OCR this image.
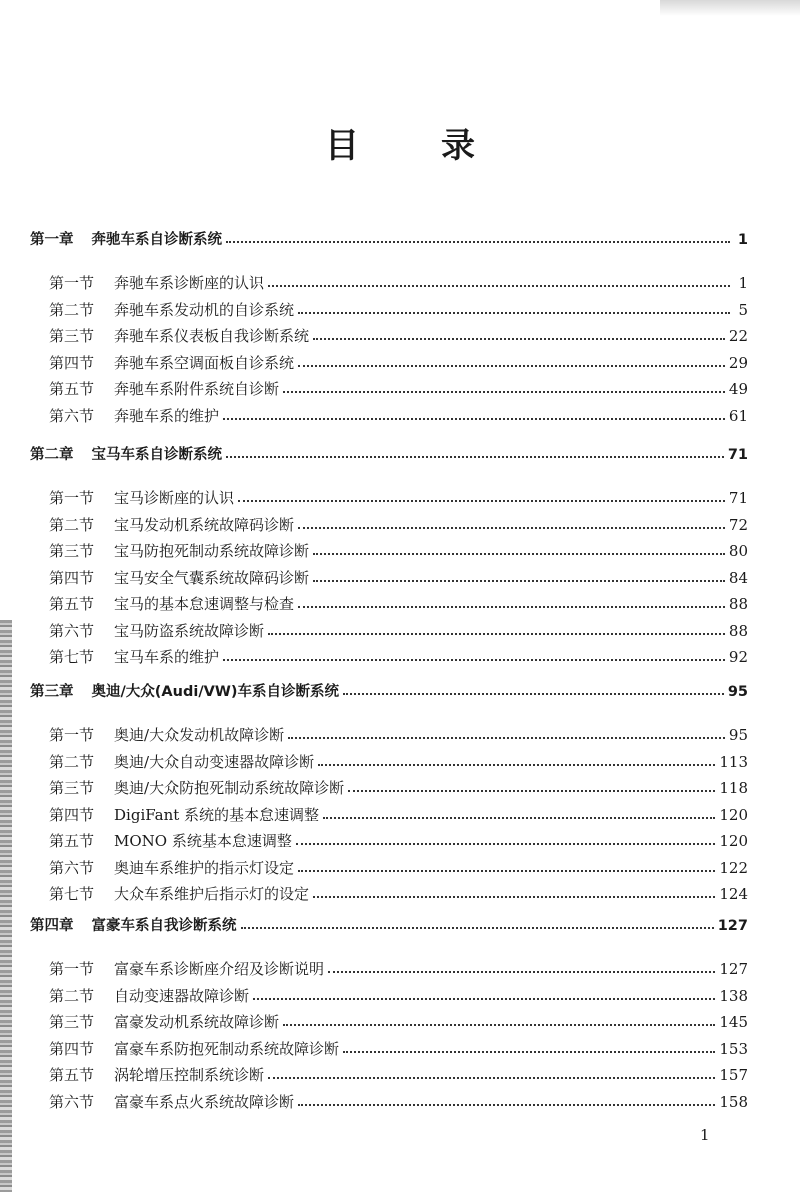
目录
第一章 奔驰车系自诊断系统	1
第一节 奔驰车系诊断座的认识	1
第二节 奔驰车系发动机的自诊系统	5
第三节 奔驰车系仪表板自我诊断系统	22
第四节 奔驰车系空调面板自诊系统	29
第五节 奔驰车系附件系统自诊断	49
第六节 奔驰车系的维护	61
第二章 宝马车系自诊断系统	71
第一节 宝马诊断座的认识	71
第二节 宝马发动机系统故障码诊断	72
第三节 宝马防抱死制动系统故障诊断	80
第四节 宝马安全气囊系统故障码诊断	84
第五节 宝马的基本怠速调整与检查	88
第六节 宝马防盗系统故障诊断	88
第七节 宝马车系的维护	92
第三章 奥迪/大众(Audi/VW)车系自诊断系统	95
第一节 奥迪/大众发动机故障诊断	95
第二节 奥迪/大众自动变速器故障诊断	113
第三节 奥迪/大众防抱死制动系统故障诊断	118
第四节 DigiFant 系统的基本怠速调整	120
第五节 MONO 系统基本怠速调整	120
第六节 奥迪车系维护的指示灯设定	122
第七节 大众车系维护后指示灯的设定	124
第四章 富豪车系自我诊断系统	127
第一节 富豪车系诊断座介绍及诊断说明	127
第二节 自动变速器故障诊断	138
第三节 富豪发动机系统故障诊断	145
第四节 富豪车系防抱死制动系统故障诊断	153
第五节 涡轮增压控制系统诊断	157
第六节 富豪车系点火系统故障诊断	158
1
